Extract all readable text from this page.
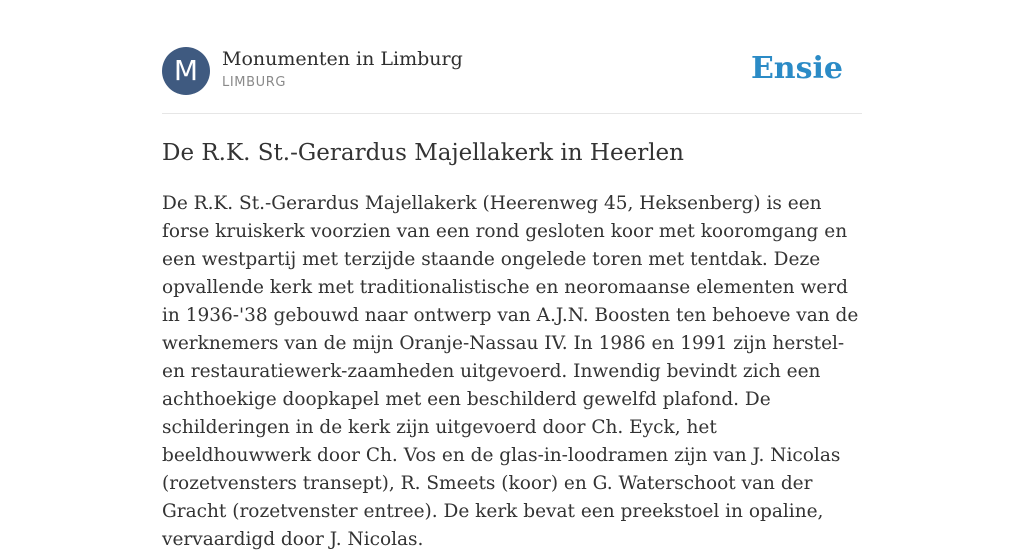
M	Monumenten in Limburg
LIMBURG	Ensie
De R.K. St.-Gerardus Majellakerk in Heerlen
De R.K. St.-Gerardus Majellakerk (Heerenweg 45, Heksenberg) is een forse kruiskerk voorzien van een rond gesloten koor met kooromgang en een westpartij met terzijde staande ongelede toren met tentdak. Deze opvallende kerk met traditionalistische en neoromaanse elementen werd in 1936-'38 gebouwd naar ontwerp van A.J.N. Boosten ten behoeve van de werknemers van de mijn Oranje-Nassau IV. In 1986 en 1991 zijn herstel- en restauratiewerk-zaamheden uitgevoerd. Inwendig bevindt zich een achthoekige doopkapel met een beschilderd gewelfd plafond. De schilderingen in de kerk zijn uitgevoerd door Ch. Eyck, het beeldhouwwerk door Ch. Vos en de glas-in-loodramen zijn van J. Nicolas (rozetvensters transept), R. Smeets (koor) en G. Waterschoot van der Gracht (rozetvenster entree). De kerk bevat een preekstoel in opaline, vervaardigd door J. Nicolas.
